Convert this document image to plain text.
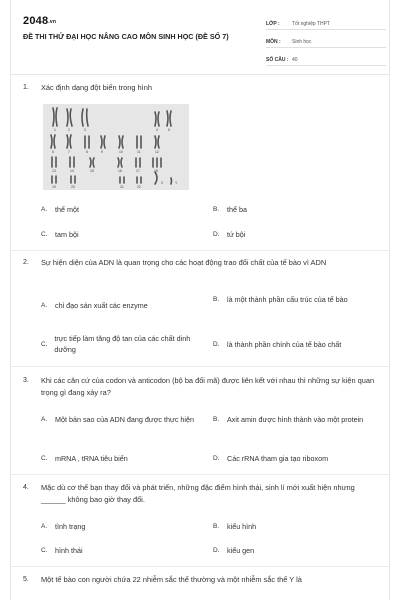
$2048^{.vn}$
ĐỀ THI THỬ ĐẠI HỌC NÂNG CAO MÔN SINH HỌC (ĐỀ SỐ 7)
LỚP :	Tốt nghiệp THPT
MÔN :	Sinh học
SỐ CÂU : 40
1. Xác định dạng đột biến trong hình
1	2	3	4	5
6	7	8	9	10	11	12
13	14	15	16	17	18
19	20	21	22
X	Y
A.	thể một	B.	thể ba
C.	tam bội	D.	tứ bội
2. Sự hiện diện của ADN là quan trọng cho các hoạt động trao đổi chất của tế bào vì ADN
A.	chỉ đạo sản xuất các enzyme
B.	là một thành phần cấu trúc của tế bào
C.
trực tiếp làm tăng độ tan của các chất dinh dưỡng
D.	là thành phần chính của tế bào chất
3. Khi các căn cứ của codon và anticodon (bộ ba đối mã) được liên kết với nhau thì những sự kiện quan trọng gì đang xảy ra?
A.	Một bản sao của ADN đang được thực hiện	B.	Axit amin được hình thành vào một protein
C.	mRNA , tRNA tiêu biến	D.	Các rRNA tham gia tạo riboxom
4. Mặc dù cơ thể bạn thay đổi và phát triển, những đặc điểm hình thái, sinh lí mới xuất hiện nhưng ______ không bao giờ thay đổi.
A.	tình trạng	B.	kiểu hình
C.	hình thái	D.	kiểu gen
5. Một tế bào con người chứa 22 nhiễm sắc thể thường và một nhiễm sắc thể Y là
